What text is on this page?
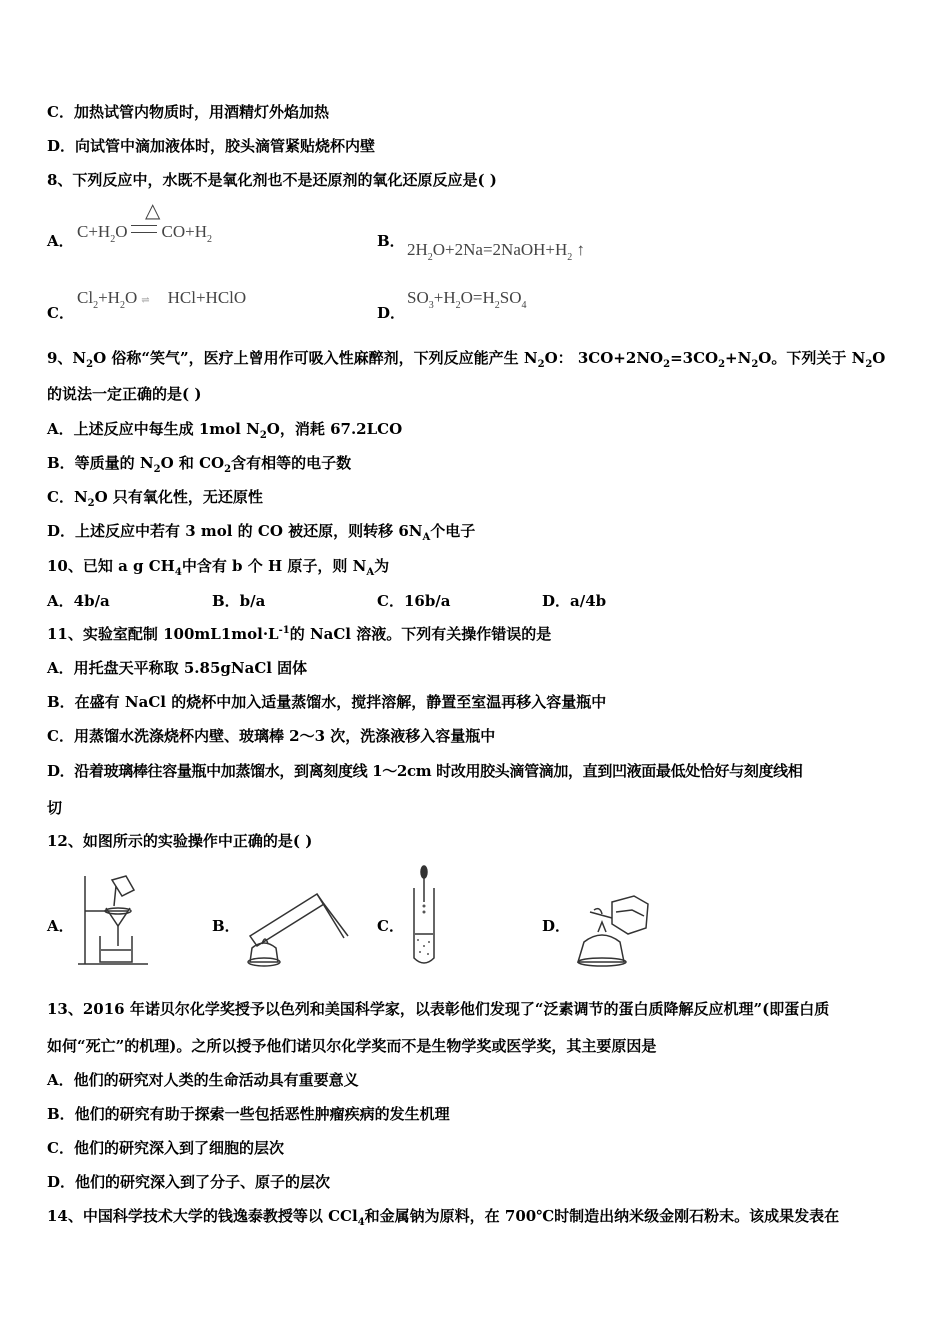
C．加热试管内物质时，用酒精灯外焰加热
D．向试管中滴加液体时，胶头滴管紧贴烧杯内壁
8、下列反应中，水既不是氧化剂也不是还原剂的氧化还原反应是( )
A．
△
$C+H_2O$ $CO+H_2$	B． $2H_2O+2Na=2NaOH+H_2$ ↑
C．
$Cl_2+H_2O$ ⇌ HCl+HClO
D．
$SO_3+H_2O=H_2SO_4$
9、$N_2O$ 俗称“笑气”，医疗上曾用作可吸入性麻醉剂，下列反应能产生 $N_2O$： $3CO+2NO_2=3CO_2+N_2O$。下列关于 $N_2O$
的说法一定正确的是( )
A．上述反应中每生成 1mol $N_2O$，消耗 67.2LCO
B．等质量的 $N_2O$ 和 $CO_2$含有相等的电子数
C．$N_2O$ 只有氧化性，无还原性
D．上述反应中若有 3 mol 的 CO 被还原，则转移 $6N_A$个电子
10、已知 a g $CH_4$中含有 b 个 H 原子，则 $N_A$为
A．4b/a	B．b/a	C．16b/a	D．a/4b
11、实验室配制 $100mL1mol\cdot L^{-1}$的 NaCl 溶液。下列有关操作错误的是
A．用托盘天平称取 5.85gNaCl 固体
B．在盛有 NaCl 的烧杯中加入适量蒸馏水，搅拌溶解，静置至室温再移入容量瓶中
C．用蒸馏水洗涤烧杯内壁、玻璃棒 2～3 次，洗涤液移入容量瓶中
D．沿着玻璃棒往容量瓶中加蒸馏水，到离刻度线 1～2cm 时改用胶头滴管滴加，直到凹液面最低处恰好与刻度线相
切
12、如图所示的实验操作中正确的是( )
A．	B．	C．	D．
13、2016 年诺贝尔化学奖授予以色列和美国科学家，以表彰他们发现了“泛素调节的蛋白质降解反应机理”(即蛋白质
如何“死亡”的机理)。之所以授予他们诺贝尔化学奖而不是生物学奖或医学奖，其主要原因是
A．他们的研究对人类的生命活动具有重要意义
B．他们的研究有助于探索一些包括恶性肿瘤疾病的发生机理
C．他们的研究深入到了细胞的层次
D．他们的研究深入到了分子、原子的层次
14、中国科学技术大学的钱逸泰教授等以 CCl$_4$和金属钠为原料，在 700℃时制造出纳米级金刚石粉末。该成果发表在
